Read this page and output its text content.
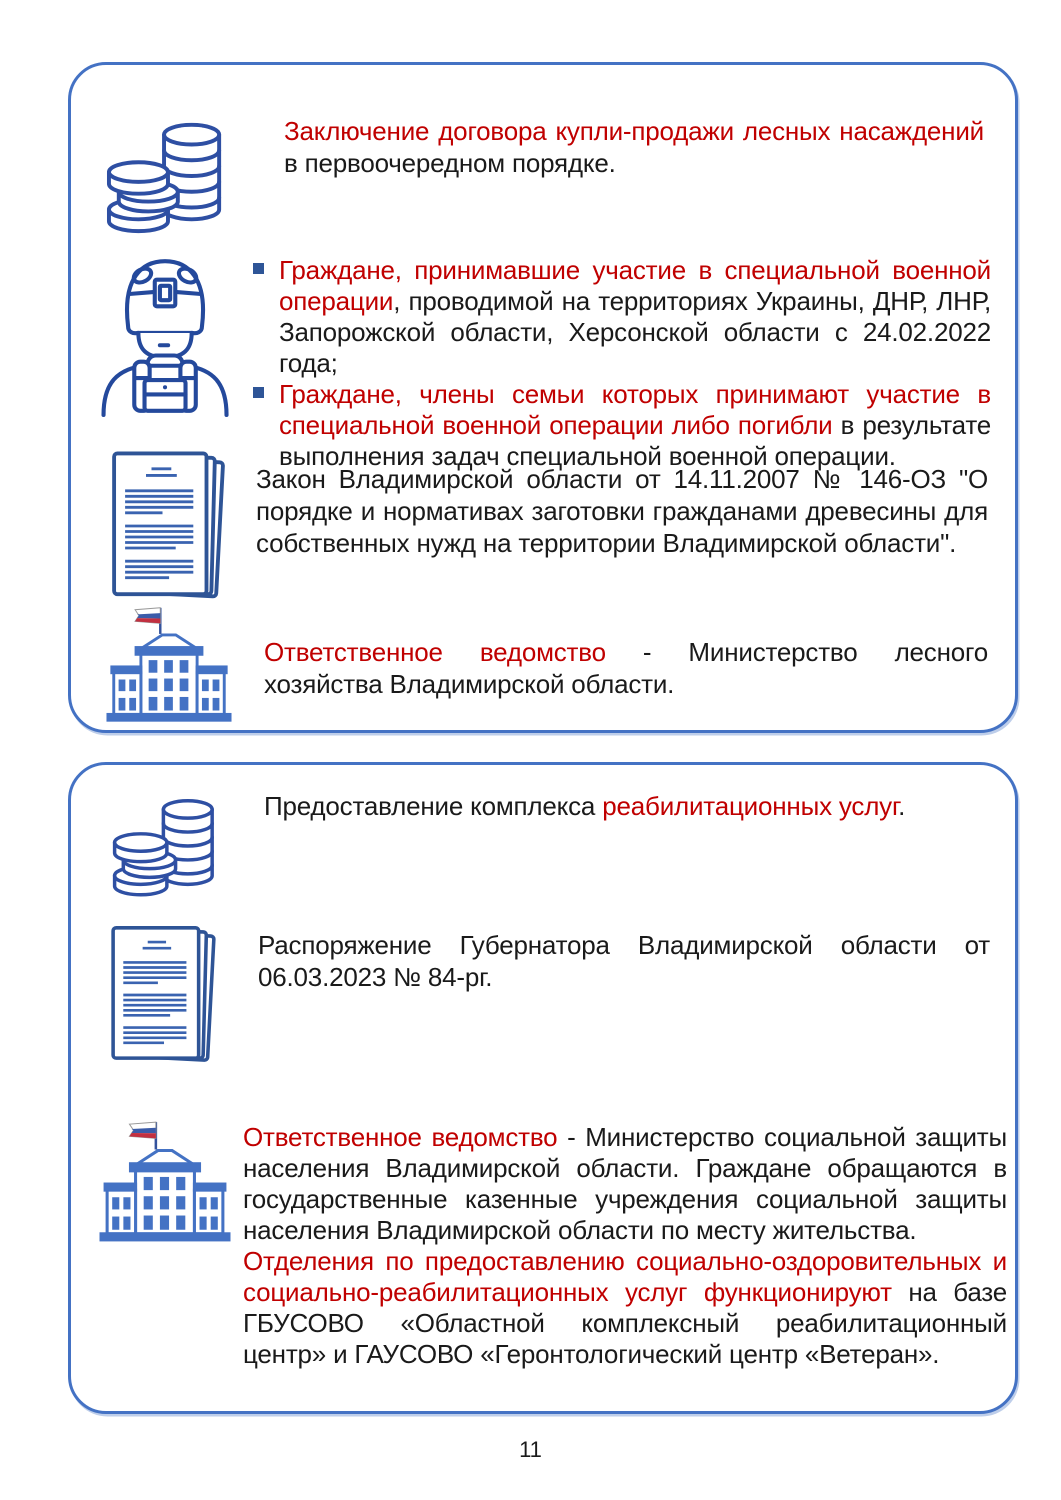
Заключение договора купли-продажи лесных насаждений в первоочередном порядке.
Граждане, принимавшие участие в специальной военной операции, проводимой на территориях Украины, ДНР, ЛНР, Запорожской области, Херсонской области с 24.02.2022 года;
Граждане, члены семьи которых принимают участие в специальной военной операции либо погибли в результате выполнения задач специальной военной операции.
Закон Владимирской области от 14.11.2007 № 146-ОЗ "О порядке и нормативах заготовки гражданами древесины для собственных нужд на территории Владимирской области".
Ответственное ведомство - Министерство лесного хозяйства Владимирской области.
Предоставление комплекса реабилитационных услуг.
Распоряжение Губернатора Владимирской области от 06.03.2023 № 84-рг.
Ответственное ведомство - Министерство социальной защиты населения Владимирской области. Граждане обращаются в государственные казенные учреждения социальной защиты населения Владимирской области по месту жительства.
Отделения по предоставлению социально-оздоровительных и социально-реабилитационных услуг функционируют на базе ГБУСОВО «Областной комплексный реабилитационный центр» и ГАУСОВО «Геронтологический центр «Ветеран».
11
